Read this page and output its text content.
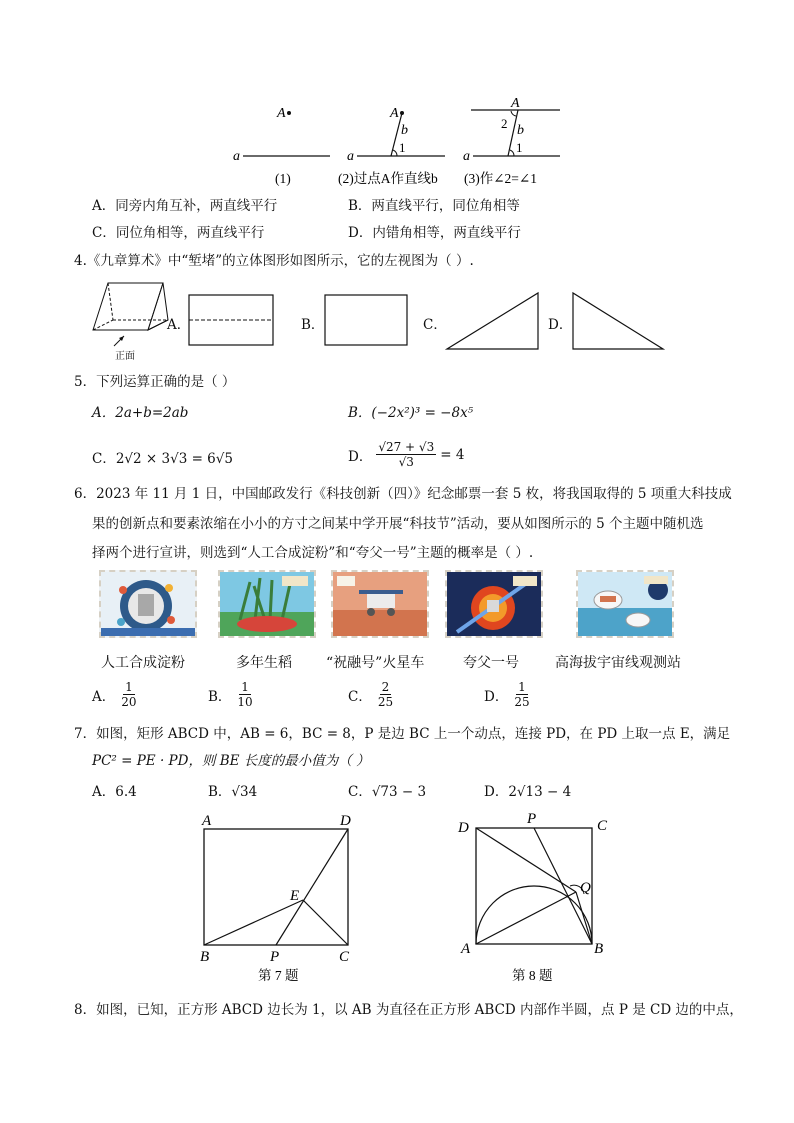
A
a
(1)
A
a
b
1
(2)过点A作直线b
A
a
b
2
1
(3)作∠2=∠1
A．同旁内角互补，两直线平行	B．两直线平行，同位角相等
C．同位角相等，两直线平行	D．内错角相等，两直线平行
4.《九章算术》中“堑堵”的立体图形如图所示，它的左视图为（ ）.
正面
A．	B．	C．	D．
5．下列运算正确的是（ ）
A．2a+b=2ab	B．(−2x²)³ = −8x⁵
C．2√2 × 3√3 = 6√5	D． $\frac{√27 + √3}{√3} = 4$
6．2023 年 11 月 1 日，中国邮政发行《科技创新（四）》纪念邮票一套 5 枚，将我国取得的 5 项重大科技成
果的创新点和要素浓缩在小小的方寸之间某中学开展“科技节”活动，要从如图所示的 5 个主题中随机选
择两个进行宣讲，则选到“人工合成淀粉”和“夸父一号”主题的概率是（ ）.
人工合成淀粉	多年生稻 “祝融号”火星车	夸父一号	高海拔宇宙线观测站
A． $\frac{1}{20}$	B． $\frac{1}{10}$	C． $\frac{2}{25}$	D． $\frac{1}{25}$
7．如图，矩形 ABCD 中，AB = 6，BC = 8，P 是边 BC 上一个动点，连接 PD，在 PD 上取一点 E，满足
PC² = PE · PD，则 BE 长度的最小值为（ ）
A．6.4	B．√34	C．√73 − 3	D．2√13 − 4
A	D
B	P	C
E
第 7 题
D
P	C
Q
A	B
第 8 题
8．如图，已知，正方形 ABCD 边长为 1，以 AB 为直径在正方形 ABCD 内部作半圆，点 P 是 CD 边的中点，
